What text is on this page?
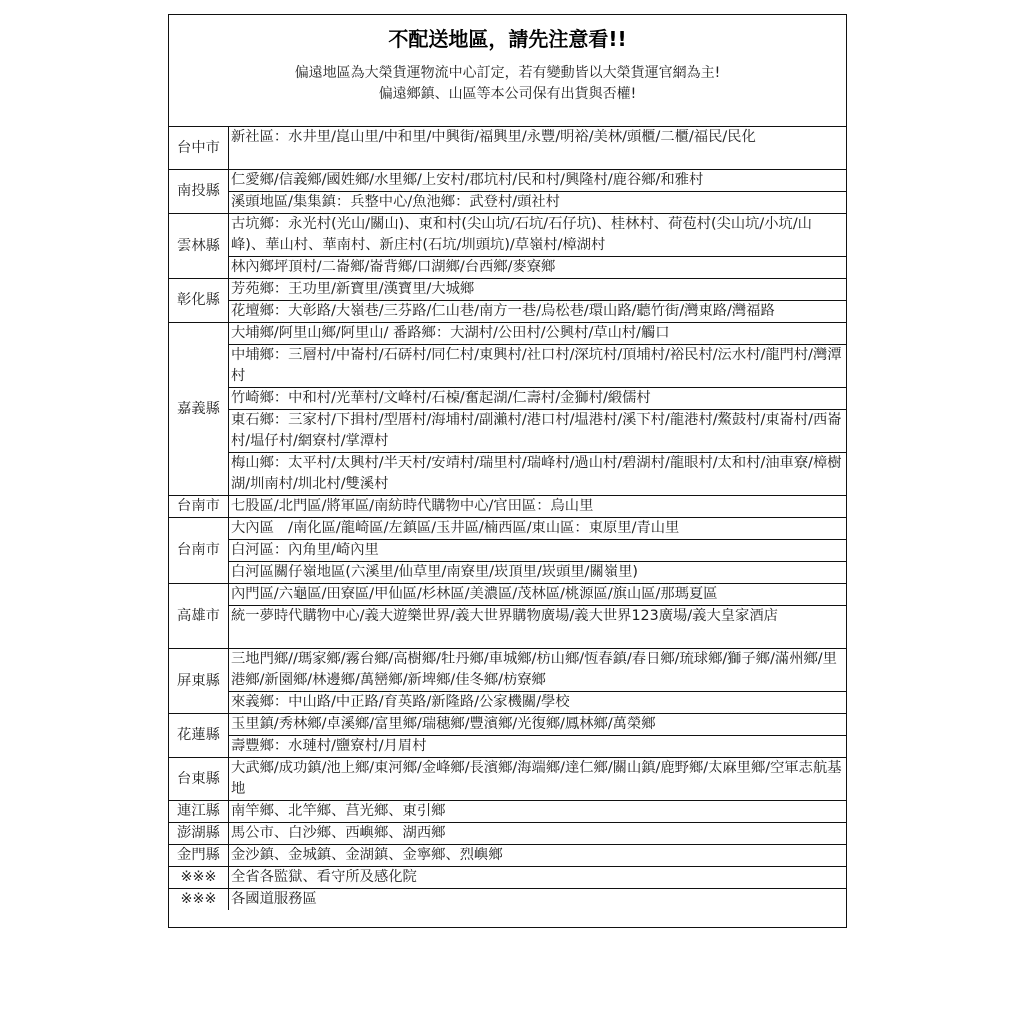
不配送地區，請先注意看!!
偏遠地區為大榮貨運物流中心訂定，若有變動皆以大榮貨運官網為主!
偏遠鄉鎮、山區等本公司保有出貨與否權!
台中市	新社區：水井里/崑山里/中和里/中興街/福興里/永豐/明裕/美林/頭櫃/二櫃/福民/民化
南投縣	仁愛鄉/信義鄉/國姓鄉/水里鄉/上安村/郡坑村/民和村/興隆村/鹿谷鄉/和雅村
	溪頭地區/集集鎮：兵整中心/魚池鄉：武登村/頭社村
雲林縣	古坑鄉：永光村(光山/關山)、東和村(尖山坑/石坑/石仔坑)、桂林村、荷苞村(尖山坑/小坑/山峰)、華山村、華南村、新庄村(石坑/圳頭坑)/草嶺村/樟湖村
	林內鄉坪頂村/二崙鄉/崙背鄉/口湖鄉/台西鄉/麥寮鄉
彰化縣	芳苑鄉：王功里/新寶里/漢寶里/大城鄉
	花壇鄉：大彰路/大嶺巷/三芬路/仁山巷/南方一巷/烏松巷/環山路/聽竹街/灣東路/灣福路
嘉義縣	大埔鄉/阿里山鄉/阿里山/ 番路鄉：大湖村/公田村/公興村/草山村/觸口
	中埔鄉：三層村/中崙村/石硦村/同仁村/東興村/社口村/深坑村/頂埔村/裕民村/沄水村/龍門村/灣潭村
	竹崎鄉：中和村/光華村/文峰村/石槕/奮起湖/仁壽村/金獅村/緞儒村
	東石鄉：三家村/下揖村/型厝村/海埔村/副瀨村/港口村/塭港村/溪下村/龍港村/鰲鼓村/東崙村/西崙村/塭仔村/網寮村/掌潭村
	梅山鄉：太平村/太興村/半天村/安靖村/瑞里村/瑞峰村/過山村/碧湖村/龍眼村/太和村/油車寮/樟樹湖/圳南村/圳北村/雙溪村
台南市	七股區/北門區/將軍區/南紡時代購物中心/官田區：烏山里
台南市	大內區　/南化區/龍崎區/左鎮區/玉井區/楠西區/東山區：東原里/青山里
	白河區：內角里/崎內里
	白河區關仔嶺地區(六溪里/仙草里/南寮里/崁頂里/崁頭里/關嶺里)
高雄市	內門區/六龜區/田寮區/甲仙區/杉林區/美濃區/茂林區/桃源區/旗山區/那瑪夏區
	統一夢時代購物中心/義大遊樂世界/義大世界購物廣場/義大世界123廣場/義大皇家酒店
屏東縣	三地門鄉//瑪家鄉/霧台鄉/高樹鄉/牡丹鄉/車城鄉/枋山鄉/恆春鎮/春日鄉/琉球鄉/獅子鄉/滿州鄉/里港鄉/新園鄉/林邊鄉/萬巒鄉/新埤鄉/佳冬鄉/枋寮鄉
	來義鄉：中山路/中正路/育英路/新隆路/公家機關/學校
花蓮縣	玉里鎮/秀林鄉/卓溪鄉/富里鄉/瑞穗鄉/豐濱鄉/光復鄉/鳳林鄉/萬榮鄉
	壽豐鄉：水璉村/鹽寮村/月眉村
台東縣	大武鄉/成功鎮/池上鄉/東河鄉/金峰鄉/長濱鄉/海端鄉/達仁鄉/關山鎮/鹿野鄉/太麻里鄉/空軍志航基地
連江縣	南竿鄉、北竿鄉、莒光鄉、東引鄉
澎湖縣	馬公市、白沙鄉、西嶼鄉、湖西鄉
金門縣	金沙鎮、金城鎮、金湖鎮、金寧鄉、烈嶼鄉
※※※	全省各監獄、看守所及感化院
※※※	各國道服務區
